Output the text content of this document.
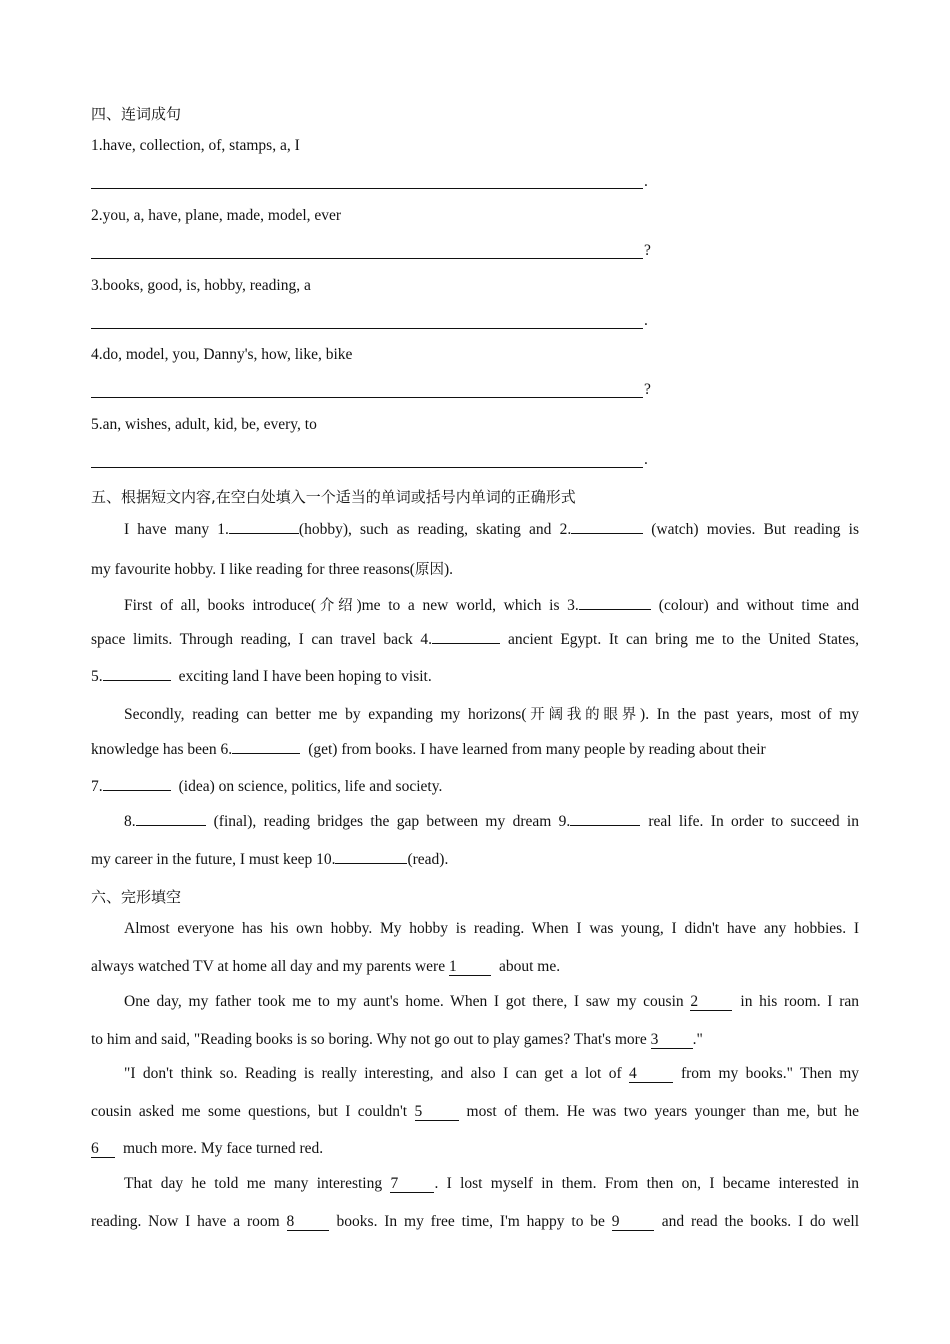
四、连词成句
1.have, collection, of, stamps, a, I
.
2.you, a, have, plane, made, model, ever
?
3.books, good, is, hobby, reading, a
.
4.do, model, you, Danny's, how, like, bike
?
5.an, wishes, adult, kid, be, every, to
.
五、根据短文内容,在空白处填入一个适当的单词或括号内单词的正确形式
I have many 1.	(hobby), such as reading, skating and 2.	(watch) movies. But reading is
my favourite hobby. I like reading for three reasons(原因).
First of all, books introduce(介绍)me to a new world, which is 3.	(colour) and without time and
space limits. Through reading, I can travel back 4.	ancient Egypt. It can bring me to the United States,
5.	exciting land I have been hoping to visit.
Secondly, reading can better me by expanding my horizons(开阔我的眼界). In the past years, most of my
knowledge has been 6.	(get) from books. I have learned from many people by reading about their
7.	(idea) on science, politics, life and society.
8.	(final), reading bridges the gap between my dream 9.	real life. In order to succeed in
my career in the future, I must keep 10.	(read).
六、完形填空
Almost everyone has his own hobby. My hobby is reading. When I was young, I didn't have any hobbies. I
always watched TV at home all day and my parents were 1	about me.
One day, my father took me to my aunt's home. When I got there, I saw my cousin 2	in his room. I ran
to him and said, "Reading books is so boring. Why not go out to play games? That's more 3 ."
"I don't think so. Reading is really interesting, and also I can get a lot of 4	from my books." Then my
cousin asked me some questions, but I couldn't 5	most of them. He was two years younger than me, but he
6 much more. My face turned red.
That day he told me many interesting 7 . I lost myself in them. From then on, I became interested in
reading. Now I have a room 8	books. In my free time, I'm happy to be 9	and read the books. I do well
